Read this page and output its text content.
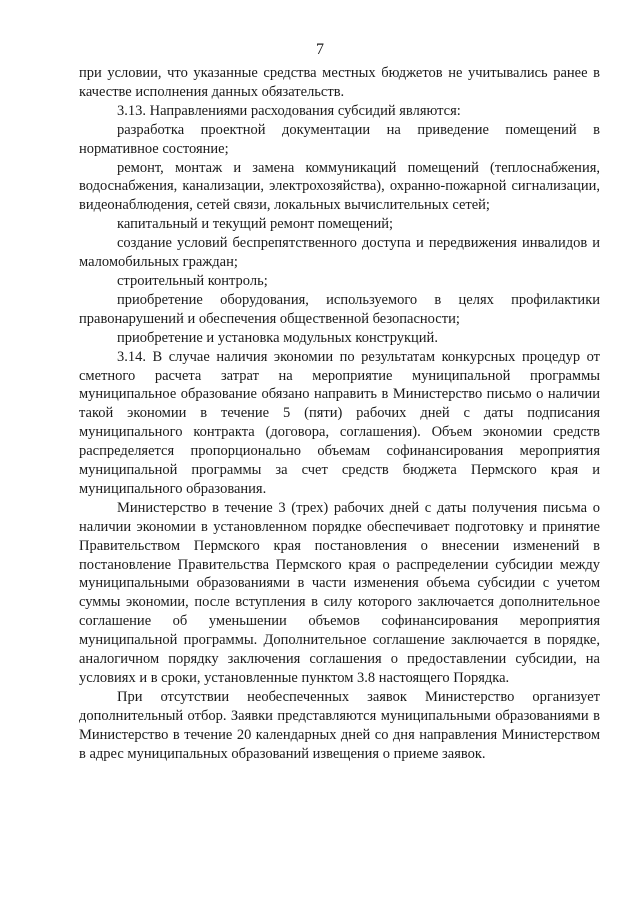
7

при условии, что указанные средства местных бюджетов не учитывались ранее в качестве исполнения данных обязательств.

3.13. Направлениями расходования субсидий являются:

разработка проектной документации на приведение помещений в нормативное состояние;

ремонт, монтаж и замена коммуникаций помещений (теплоснабжения, водоснабжения, канализации, электрохозяйства), охранно-пожарной сигнализации, видеонаблюдения, сетей связи, локальных вычислительных сетей;

капитальный и текущий ремонт помещений;

создание условий беспрепятственного доступа и передвижения инвалидов и маломобильных граждан;

строительный контроль;

приобретение оборудования, используемого в целях профилактики правонарушений и обеспечения общественной безопасности;

приобретение и установка модульных конструкций.

3.14. В случае наличия экономии по результатам конкурсных процедур от сметного расчета затрат на мероприятие муниципальной программы муниципальное образование обязано направить в Министерство письмо о наличии такой экономии в течение 5 (пяти) рабочих дней с даты подписания муниципального контракта (договора, соглашения). Объем экономии средств распределяется пропорционально объемам софинансирования мероприятия муниципальной программы за счет средств бюджета Пермского края и муниципального образования.

Министерство в течение 3 (трех) рабочих дней с даты получения письма о наличии экономии в установленном порядке обеспечивает подготовку и принятие Правительством Пермского края постановления о внесении изменений в постановление Правительства Пермского края о распределении субсидии между муниципальными образованиями в части изменения объема субсидии с учетом суммы экономии, после вступления в силу которого заключается дополнительное соглашение об уменьшении объемов софинансирования мероприятия муниципальной программы. Дополнительное соглашение заключается в порядке, аналогичном порядку заключения соглашения о предоставлении субсидии, на условиях и в сроки, установленные пунктом 3.8 настоящего Порядка.

При отсутствии необеспеченных заявок Министерство организует дополнительный отбор. Заявки представляются муниципальными образованиями в Министерство в течение 20 календарных дней со дня направления Министерством в адрес муниципальных образований извещения о приеме заявок.
